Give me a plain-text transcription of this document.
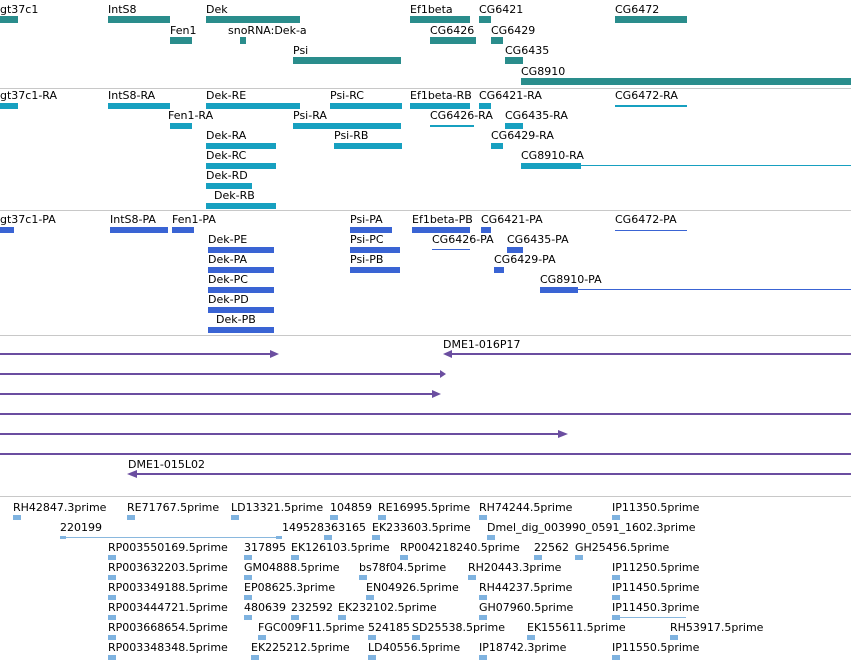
gt37c1	IntS8	Dek	Ef1beta CG6421	CG6472
Fen1	snoRNA:Dek-a	CG6426 CG6429
Psi	CG6435
CG8910
gt37c1-RA	IntS8-RA	Dek-RE	Psi-RC	Ef1beta-RB CG6421-RA	CG6472-RA
Fen1-RA	Psi-RA	CG6426-RA CG6435-RA
Dek-RA	Psi-RB	CG6429-RA
Dek-RC	CG8910-RA
Dek-RD
Dek-RB
gt37c1-PA	IntS8-PA Fen1-PA	Psi-PA	Ef1beta-PB CG6421-PA	CG6472-PA
Dek-PE	Psi-PC	CG6426-PA CG6435-PA
Dek-PA	Psi-PB	CG6429-PA
Dek-PC	CG8910-PA
Dek-PD
Dek-PB
DME1-016P17
DME1-015L02
RH42847.3prime RE71767.5prime LD13321.5prime 104859 RE16995.5prime RH74244.5prime	IP11350.5prime
220199	149528 363165 EK233603.5prime Dmel_dig_003990_0591_1602.3prime
RP003550169.5prime 317895 EK126103.5prime RP004218240.5prime 22562 GH25456.5prime
RP003632203.5prime GM04888.5prime bs78f04.5prime RH20443.3prime	IP11250.5prime
RP003349188.5prime EP08625.3prime	EN04926.5prime RH44237.5prime	IP11450.5prime
RP003444721.5prime 480639 232592 EK232102.5prime	GH07960.5prime	IP11450.3prime
RP003668654.5prime	FGC009F11.5prime 524185 SD25538.5prime EK155611.5prime	RH53917.5prime
RP003348348.5prime EK225212.5prime LD40556.5prime IP18742.3prime	IP11550.5prime
